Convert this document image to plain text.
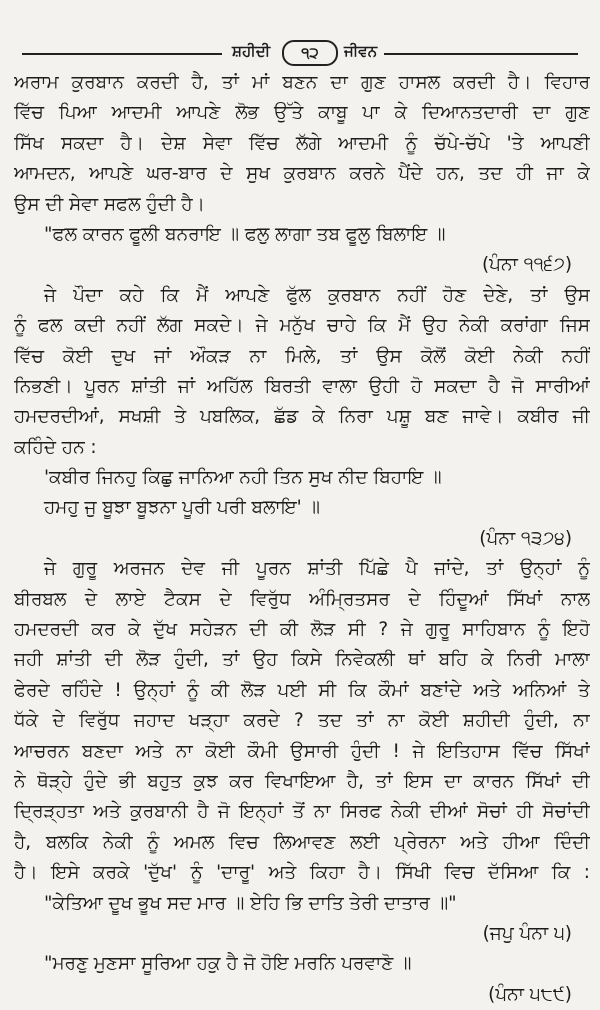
ਸ਼ਹੀਦੀ	੧੨	ਜੀਵਨ
ਅਰਾਮ ਕੁਰਬਾਨ ਕਰਦੀ ਹੈ, ਤਾਂ ਮਾਂ ਬਣਨ ਦਾ ਗੁਣ ਹਾਸਲ ਕਰਦੀ ਹੈ। ਵਿਹਾਰ
ਵਿੱਚ ਪਿਆ ਆਦਮੀ ਆਪਣੇ ਲੋਭ ਉੱਤੇ ਕਾਬੂ ਪਾ ਕੇ ਦਿਆਨਤਦਾਰੀ ਦਾ ਗੁਣ
ਸਿੱਖ ਸਕਦਾ ਹੈ। ਦੇਸ਼ ਸੇਵਾ ਵਿੱਚ ਲੱਗੇ ਆਦਮੀ ਨੂੰ ਚੱਪੇ-ਚੱਪੇ 'ਤੇ ਆਪਣੀ
ਆਮਦਨ, ਆਪਣੇ ਘਰ-ਬਾਰ ਦੇ ਸੁਖ ਕੁਰਬਾਨ ਕਰਨੇ ਪੈਂਦੇ ਹਨ, ਤਦ ਹੀ ਜਾ ਕੇ
ਉਸ ਦੀ ਸੇਵਾ ਸਫਲ ਹੁੰਦੀ ਹੈ।
"ਫਲ ਕਾਰਨ ਫੂਲੀ ਬਨਰਾਇ ॥ ਫਲੁ ਲਾਗਾ ਤਬ ਫੂਲੁ ਬਿਲਾਇ ॥
(ਪੰਨਾ ੧੧੬੭)
ਜੇ ਪੌਦਾ ਕਹੇ ਕਿ ਮੈਂ ਆਪਣੇ ਫੁੱਲ ਕੁਰਬਾਨ ਨਹੀਂ ਹੋਣ ਦੇਣੇ, ਤਾਂ ਉਸ
ਨੂੰ ਫਲ ਕਦੀ ਨਹੀਂ ਲੱਗ ਸਕਦੇ। ਜੇ ਮਨੁੱਖ ਚਾਹੇ ਕਿ ਮੈਂ ਉਹ ਨੇਕੀ ਕਰਾਂਗਾ ਜਿਸ
ਵਿੱਚ ਕੋਈ ਦੁਖ ਜਾਂ ਔਕੜ ਨਾ ਮਿਲੇ, ਤਾਂ ਉਸ ਕੋਲੋਂ ਕੋਈ ਨੇਕੀ ਨਹੀਂ
ਨਿਭਣੀ। ਪੂਰਨ ਸ਼ਾਂਤੀ ਜਾਂ ਅਹਿੱਲ ਬਿਰਤੀ ਵਾਲਾ ਉਹੀ ਹੋ ਸਕਦਾ ਹੈ ਜੋ ਸਾਰੀਆਂ
ਹਮਦਰਦੀਆਂ, ਸਖਸ਼ੀ ਤੇ ਪਬਲਿਕ, ਛੱਡ ਕੇ ਨਿਰਾ ਪਸ਼ੂ ਬਣ ਜਾਵੇ। ਕਬੀਰ ਜੀ
ਕਹਿੰਦੇ ਹਨ :
'ਕਬੀਰ ਜਿਨਹੁ ਕਿਛੁ ਜਾਨਿਆ ਨਹੀ ਤਿਨ ਸੁਖ ਨੀਦ ਬਿਹਾਇ ॥
ਹਮਹੁ ਜੁ ਬੂਝਾ ਬੂਝਨਾ ਪੂਰੀ ਪਰੀ ਬਲਾਇ' ॥
(ਪੰਨਾ ੧੩੭੪)
ਜੇ ਗੁਰੂ ਅਰਜਨ ਦੇਵ ਜੀ ਪੂਰਨ ਸ਼ਾਂਤੀ ਪਿੱਛੇ ਪੈ ਜਾਂਦੇ, ਤਾਂ ਉਨ੍ਹਾਂ ਨੂੰ
ਬੀਰਬਲ ਦੇ ਲਾਏ ਟੈਕਸ ਦੇ ਵਿਰੁੱਧ ਅੰਮ੍ਰਿਤਸਰ ਦੇ ਹਿੰਦੂਆਂ ਸਿੱਖਾਂ ਨਾਲ
ਹਮਦਰਦੀ ਕਰ ਕੇ ਦੁੱਖ ਸਹੇੜਨ ਦੀ ਕੀ ਲੋੜ ਸੀ ? ਜੇ ਗੁਰੂ ਸਾਹਿਬਾਨ ਨੂੰ ਇਹੋ
ਜਹੀ ਸ਼ਾਂਤੀ ਦੀ ਲੋੜ ਹੁੰਦੀ, ਤਾਂ ਉਹ ਕਿਸੇ ਨਿਵੇਕਲੀ ਥਾਂ ਬਹਿ ਕੇ ਨਿਰੀ ਮਾਲਾ
ਫੇਰਦੇ ਰਹਿੰਦੇ ! ਉਨ੍ਹਾਂ ਨੂੰ ਕੀ ਲੋੜ ਪਈ ਸੀ ਕਿ ਕੌਮਾਂ ਬਣਾਂਦੇ ਅਤੇ ਅਨਿਆਂ ਤੇ
ਧੱਕੇ ਦੇ ਵਿਰੁੱਧ ਜਹਾਦ ਖੜ੍ਹਾ ਕਰਦੇ ? ਤਦ ਤਾਂ ਨਾ ਕੋਈ ਸ਼ਹੀਦੀ ਹੁੰਦੀ, ਨਾ
ਆਚਰਨ ਬਣਦਾ ਅਤੇ ਨਾ ਕੋਈ ਕੌਮੀ ਉਸਾਰੀ ਹੁੰਦੀ ! ਜੇ ਇਤਿਹਾਸ ਵਿੱਚ ਸਿੱਖਾਂ
ਨੇ ਥੋੜ੍ਹੇ ਹੁੰਦੇ ਭੀ ਬਹੁਤ ਕੁਝ ਕਰ ਵਿਖਾਇਆ ਹੈ, ਤਾਂ ਇਸ ਦਾ ਕਾਰਨ ਸਿੱਖਾਂ ਦੀ
ਦ੍ਰਿੜ੍ਹਤਾ ਅਤੇ ਕੁਰਬਾਨੀ ਹੈ ਜੋ ਇਨ੍ਹਾਂ ਤੋਂ ਨਾ ਸਿਰਫ ਨੇਕੀ ਦੀਆਂ ਸੋਚਾਂ ਹੀ ਸੋਚਾਂਦੀ
ਹੈ, ਬਲਕਿ ਨੇਕੀ ਨੂੰ ਅਮਲ ਵਿਚ ਲਿਆਵਣ ਲਈ ਪ੍ਰੇਰਨਾ ਅਤੇ ਹੀਆ ਦਿੰਦੀ
ਹੈ। ਇਸੇ ਕਰਕੇ 'ਦੁੱਖ' ਨੂੰ 'ਦਾਰੂ' ਅਤੇ ਕਿਹਾ ਹੈ। ਸਿੱਖੀ ਵਿਚ ਦੱਸਿਆ ਕਿ :
"ਕੇਤਿਆ ਦੂਖ ਭੂਖ ਸਦ ਮਾਰ ॥ ਏਹਿ ਭਿ ਦਾਤਿ ਤੇਰੀ ਦਾਤਾਰ ॥"
(ਜਪੁ ਪੰਨਾ ੫)
"ਮਰਣੁ ਮੁਣਸਾ ਸੂਰਿਆ ਹਕੁ ਹੈ ਜੋ ਹੋਇ ਮਰਨਿ ਪਰਵਾਣੋ ॥
(ਪੰਨਾ ੫੮੯)
